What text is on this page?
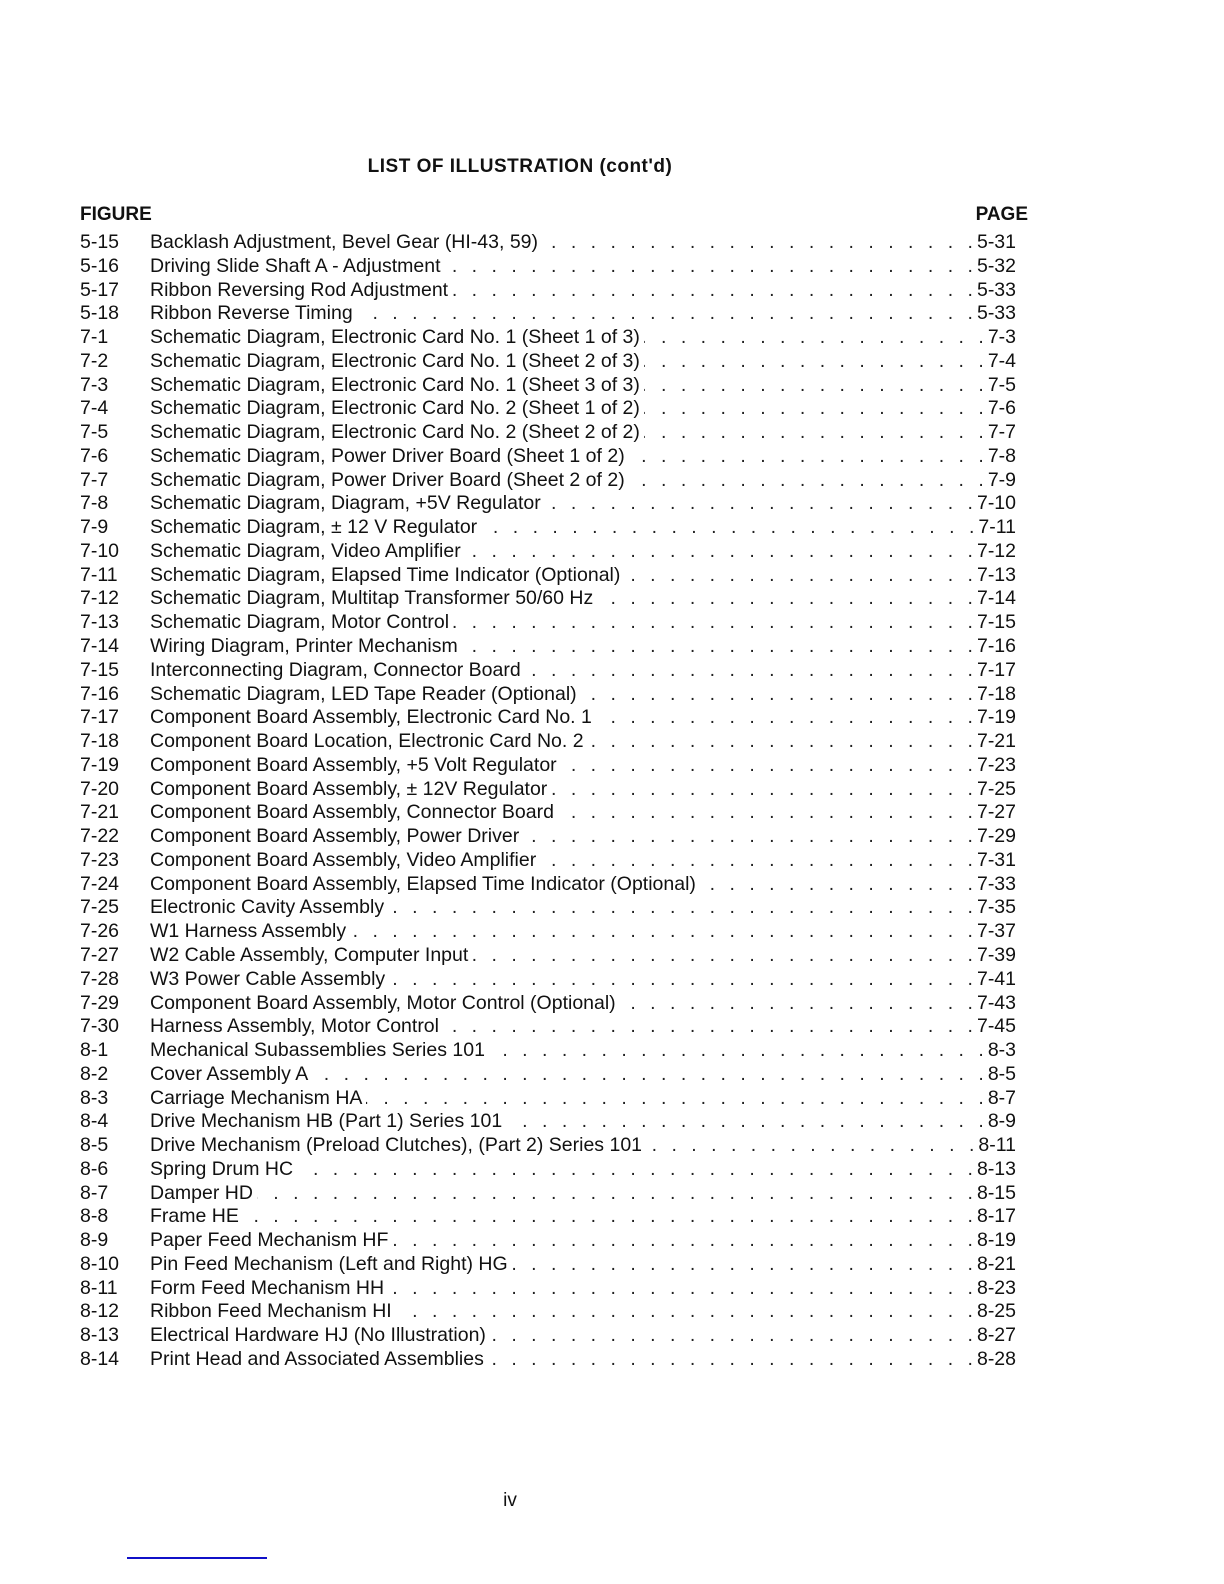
LIST OF ILLUSTRATION (cont'd)
FIGURE	PAGE
5-15	Backlash Adjustment, Bevel Gear (HI-43, 59) . . .	5-31
5-16	Driving Slide Shaft A - Adjustment . . .	5-32
5-17	Ribbon Reversing Rod Adjustment . . .	5-33
5-18	Ribbon Reverse Timing . . .	5-33
7-1	Schematic Diagram, Electronic Card No. 1 (Sheet 1 of 3) . . .	7-3
7-2	Schematic Diagram, Electronic Card No. 1 (Sheet 2 of 3) . . .	7-4
7-3	Schematic Diagram, Electronic Card No. 1 (Sheet 3 of 3) . . .	7-5
7-4	Schematic Diagram, Electronic Card No. 2 (Sheet 1 of 2) . . .	7-6
7-5	Schematic Diagram, Electronic Card No. 2 (Sheet 2 of 2) . . .	7-7
7-6	Schematic Diagram, Power Driver Board (Sheet 1 of 2) . . .	7-8
7-7	Schematic Diagram, Power Driver Board (Sheet 2 of 2) . . .	7-9
7-8	Schematic Diagram, Diagram, +5V Regulator . . .	7-10
7-9	Schematic Diagram, ± 12 V Regulator . . .	7-11
7-10	Schematic Diagram, Video Amplifier . . .	7-12
7-11	Schematic Diagram, Elapsed Time Indicator (Optional) . . .	7-13
7-12	Schematic Diagram, Multitap Transformer 50/60 Hz . . .	7-14
7-13	Schematic Diagram, Motor Control . . .	7-15
7-14	Wiring Diagram, Printer Mechanism . . .	7-16
7-15	Interconnecting Diagram, Connector Board . . .	7-17
7-16	Schematic Diagram, LED Tape Reader (Optional) . . .	7-18
7-17	Component Board Assembly, Electronic Card No. 1 . . .	7-19
7-18	Component Board Location, Electronic Card No. 2 . . .	7-21
7-19	Component Board Assembly, +5 Volt Regulator . . .	7-23
7-20	Component Board Assembly, ± 12V Regulator . . .	7-25
7-21	Component Board Assembly, Connector Board . . .	7-27
7-22	Component Board Assembly, Power Driver . . .	7-29
7-23	Component Board Assembly, Video Amplifier . . .	7-31
7-24	Component Board Assembly, Elapsed Time Indicator (Optional) . . .	7-33
7-25	Electronic Cavity Assembly . . .	7-35
7-26	W1 Harness Assembly . . .	7-37
7-27	W2 Cable Assembly, Computer Input . . .	7-39
7-28	W3 Power Cable Assembly . . .	7-41
7-29	Component Board Assembly, Motor Control (Optional) . . .	7-43
7-30	Harness Assembly, Motor Control . . .	7-45
8-1	Mechanical Subassemblies Series 101 . . .	8-3
8-2	Cover Assembly A . . .	8-5
8-3	Carriage Mechanism HA . . .	8-7
8-4	Drive Mechanism HB (Part 1) Series 101 . . .	8-9
8-5	Drive Mechanism (Preload Clutches), (Part 2) Series 101 . . .	8-11
8-6	Spring Drum HC . . .	8-13
8-7	Damper HD . . .	8-15
8-8	Frame HE . . .	8-17
8-9	Paper Feed Mechanism HF . . .	8-19
8-10	Pin Feed Mechanism (Left and Right) HG . . .	8-21
8-11	Form Feed Mechanism HH . . .	8-23
8-12	Ribbon Feed Mechanism HI . . .	8-25
8-13	Electrical Hardware HJ (No Illustration) . . .	8-27
8-14	Print Head and Associated Assemblies . . .	8-28
iv
